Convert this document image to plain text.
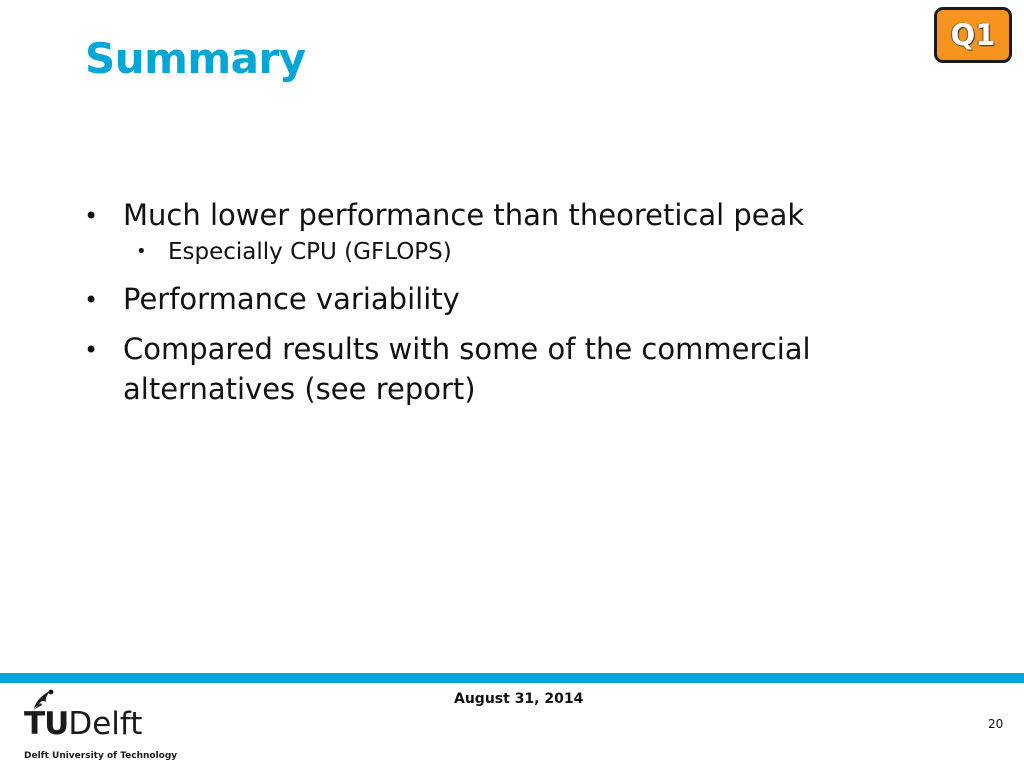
Summary	Q1
• Much lower performance than theoretical peak
• Especially CPU (GFLOPS)
• Performance variability
• Compared results with some of the commercial
alternatives (see report)
TUDelft
Delft University of Technology
August 31, 2014
20
